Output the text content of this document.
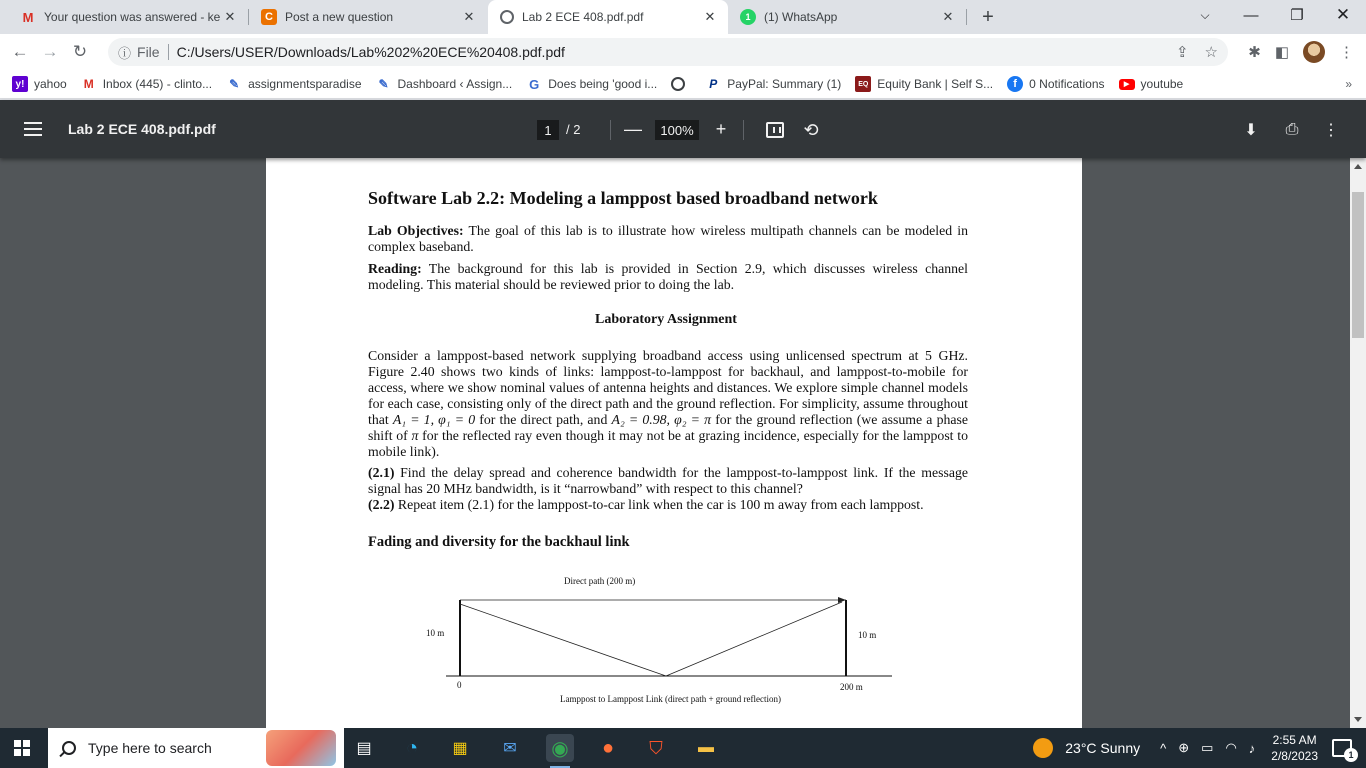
M Your question was answered - ke ✕	C	Post a new question	✕	Lab 2 ECE 408.pdf.pdf	✕	1	(1) WhatsApp	✕	+	⌵	—	❐	✕
← → ↻	ⓘ File C:/Users/USER/Downloads/Lab%202%20ECE%20408.pdf.pdf	⇪ ☆ ✱ ◧	⋮
y! yahoo M Inbox (445) - clinto... ✎ assignmentsparadise ✎ Dashboard ‹ Assign... G Does being 'good i...	P PayPal: Summary (1)	EQ Equity Bank | Self S...	f	0 Notifications	▶ youtube	»
Lab 2 ECE 408.pdf.pdf	1	/ 2 —	100% +	⟲	⬇ ⎙ ⋮
Software Lab 2.2: Modeling a lamppost based broadband network
Lab Objectives: The goal of this lab is to illustrate how wireless multipath channels can be modeled in complex baseband.
Reading: The background for this lab is provided in Section 2.9, which discusses wireless channel modeling. This material should be reviewed prior to doing the lab.
Laboratory Assignment
Consider a lamppost-based network supplying broadband access using unlicensed spectrum at 5 GHz. Figure 2.40 shows two kinds of links: lamppost-to-lamppost for backhaul, and lamppost-to-mobile for access, where we show nominal values of antenna heights and distances. We explore simple channel models for each case, consisting only of the direct path and the ground reflection. For simplicity, assume throughout that A₁ = 1, φ₁ = 0 for the direct path, and A₂ = 0.98, φ₂ = π for the ground reflection (we assume a phase shift of π for the reflected ray even though it may not be at grazing incidence, especially for the lamppost to mobile link).
(2.1) Find the delay spread and coherence bandwidth for the lamppost-to-lamppost link. If the message signal has 20 MHz bandwidth, is it “narrowband” with respect to this channel?
(2.2) Repeat item (2.1) for the lamppost-to-car link when the car is 100 m away from each lamppost.
Fading and diversity for the backhaul link
Direct path (200 m)
10 m	10 m
0	200 m
Lamppost to Lamppost Link (direct path + ground reflection)
Type here to search	▤	◔	▦	✉	◉	●	⛉	▬	23°C Sunny ^ ⊕ ▭ ◠ ♪
2:55 AM
2/8/2023	1
